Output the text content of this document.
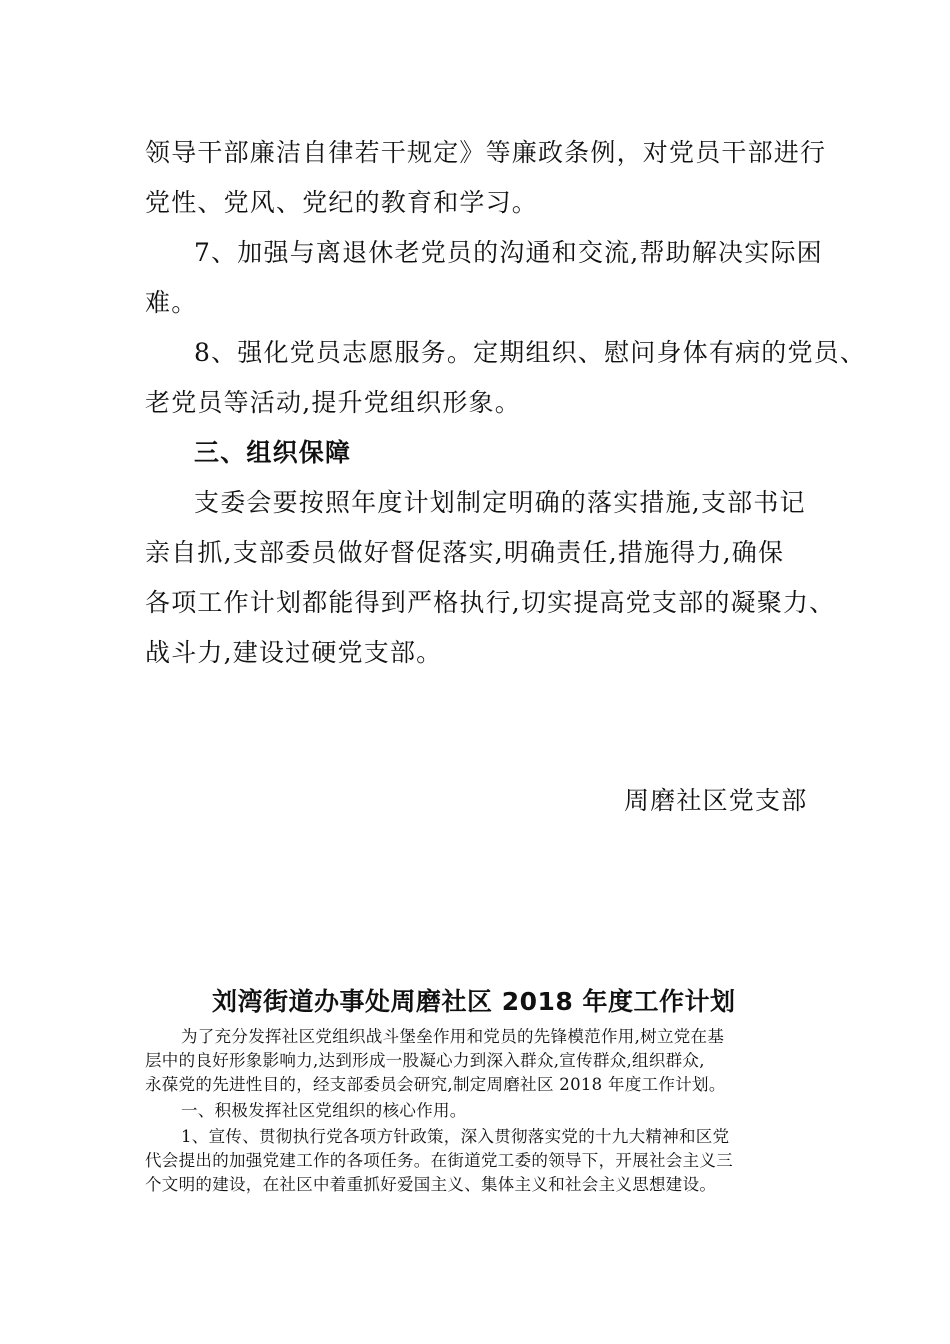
领导干部廉洁自律若干规定》等廉政条例，对党员干部进行

党性、党风、党纪的教育和学习。

7、加强与离退休老党员的沟通和交流,帮助解决实际困

难。

8、强化党员志愿服务。定期组织、慰问身体有病的党员、

老党员等活动,提升党组织形象。

三、组织保障

支委会要按照年度计划制定明确的落实措施,支部书记

亲自抓,支部委员做好督促落实,明确责任,措施得力,确保

各项工作计划都能得到严格执行,切实提高党支部的凝聚力、

战斗力,建设过硬党支部。

周磨社区党支部

刘湾街道办事处周磨社区 2018 年度工作计划

为了充分发挥社区党组织战斗堡垒作用和党员的先锋模范作用,树立党在基

层中的良好形象影响力,达到形成一股凝心力到深入群众,宣传群众,组织群众,

永葆党的先进性目的，经支部委员会研究,制定周磨社区 2018 年度工作计划。

一、积极发挥社区党组织的核心作用。

1、宣传、贯彻执行党各项方针政策，深入贯彻落实党的十九大精神和区党

代会提出的加强党建工作的各项任务。在街道党工委的领导下，开展社会主义三

个文明的建设，在社区中着重抓好爱国主义、集体主义和社会主义思想建设。
